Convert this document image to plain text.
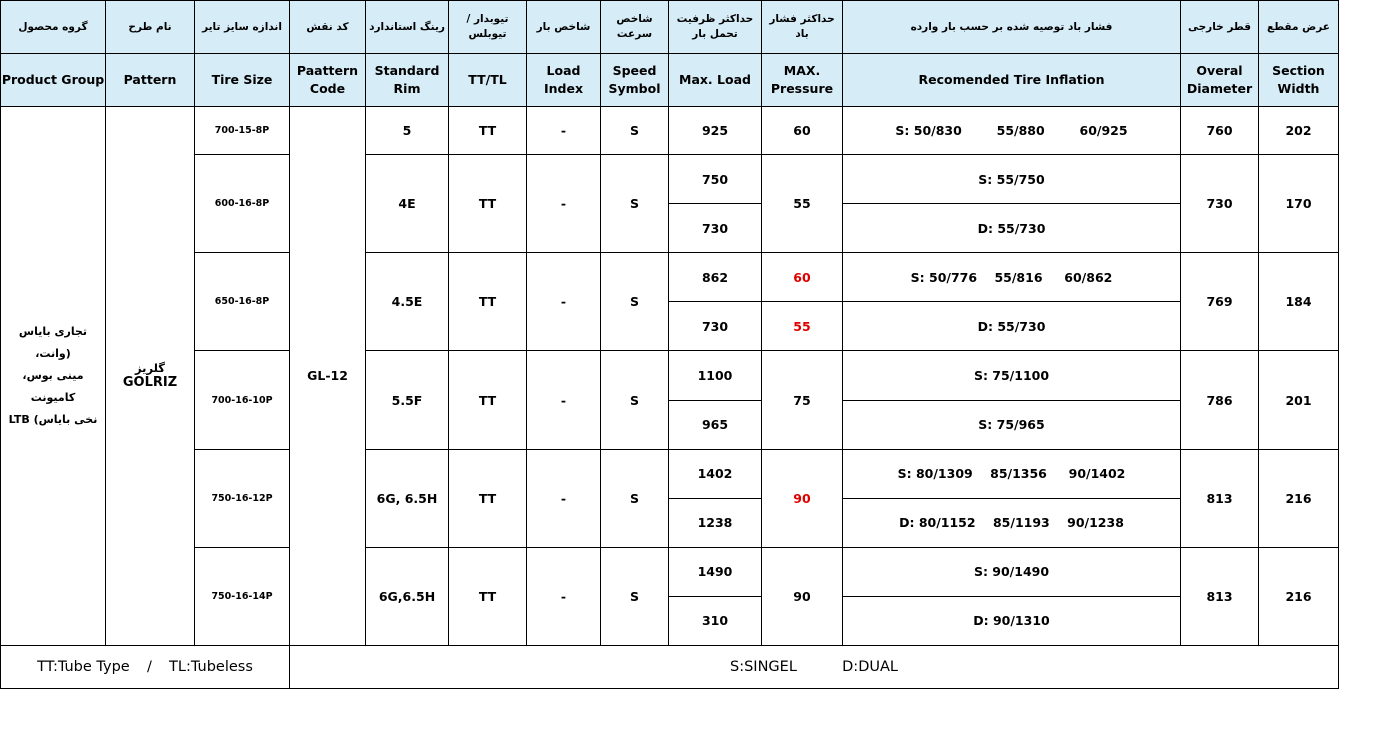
گروه محصول	نام طرح	اندازه سایز تایر	کد نقش	رینگ استاندارد	تیوبدار / تیوبلس	شاخص بار	شاخص سرعت	حداکثر ظرفیت تحمل بار	حداکثر فشار باد	فشار باد توصیه شده بر حسب بار وارده	قطر خارجی	عرض مقطع
Product Group	Pattern	Tire Size	Paattern Code	Standard Rim	TT/TL	Load Index	Speed Symbol	Max. Load	MAX. Pressure	Recomended Tire Inflation	Overal Diameter	Section Width

تجاری بایاس (وانت،
مینی بوس، کامیونت
نخی بایاس) LTB	گلریز GOLRIZ	700-15-8P	GL-12	5	TT	-	S	925	60	S: 50/830        55/880        60/925	760	202
		600-16-8P		4E	TT	-	S	750	55	S: 55/750	730	170
								730		D: 55/730		
		650-16-8P		4.5E	TT	-	S	862	60	S: 50/776    55/816     60/862	769	184
								730	55	D: 55/730		
		700-16-10P		5.5F	TT	-	S	1100	75	S: 75/1100	786	201
								965		S: 75/965		
		750-16-12P		6G, 6.5H	TT	-	S	1402	90	S: 80/1309    85/1356     90/1402	813	216
								1238		D: 80/1152    85/1193    90/1238		
		750-16-14P		6G,6.5H	TT	-	S	1490	90	S: 90/1490	813	216
								310		D: 90/1310		
TT:Tube Type / TL:Tubeless			S:SINGEL D:DUAL									
